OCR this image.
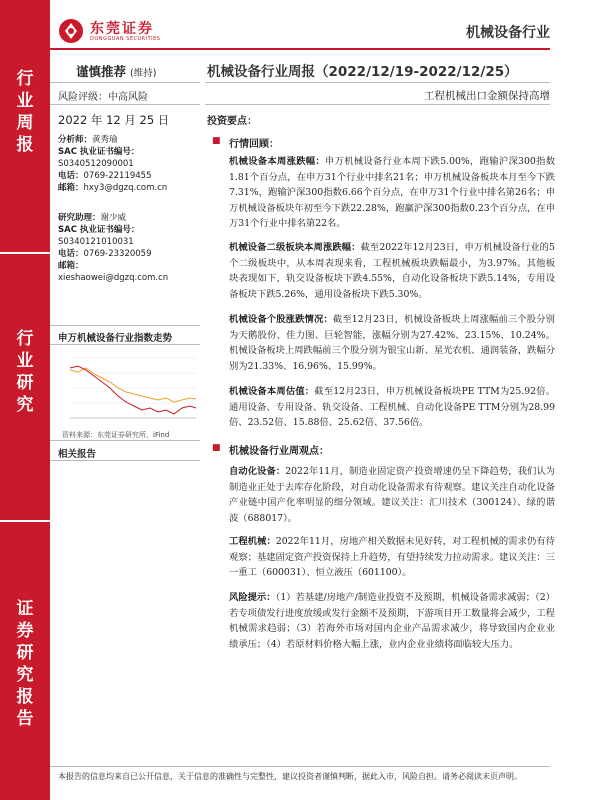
行业周报
行业研究
证券研究报告
东莞证券
DONGGUAN SECURITIES	机械设备行业
谨慎推荐 (维持)	机械设备行业周报（2022/12/19-2022/12/25）
风险评级：中高风险	工程机械出口金额保持高增
2022 年 12 月 25 日
分析师：黄秀瑜
SAC 执业证书编号：
S0340512090001
电话：0769-22119455
邮箱：hxy3@dgzq.com.cn
研究助理：谢少威
SAC 执业证书编号：
S0340121010031
电话：0769-23320059
邮箱：
xieshaowei@dgzq.com.cn
申万机械设备行业指数走势
资料来源：东莞证券研究所，iFind
相关报告
投资要点：
■ 行情回顾：
机械设备本周涨跌幅：申万机械设备行业本周下跌5.00%，跑输沪深300指数1.81个百分点，在申万31个行业中排名21名；申万机械设备板块本月至今下跌7.31%，跑输沪深300指数6.66个百分点，在申万31个行业中排名第26名；申万机械设备板块年初至今下跌22.28%，跑赢沪深300指数0.23个百分点，在申万31个行业中排名第22名。
机械设备二级板块本周涨跌幅：截至2022年12月23日，申万机械设备行业的5个二级板块中，从本周表现来看，工程机械板块跌幅最小，为3.97%。其他板块表现如下，轨交设备板块下跌4.55%，自动化设备板块下跌5.14%，专用设备板块下跌5.26%，通用设备板块下跌5.30%。
机械设备个股涨跌情况：截至12月23日，机械设备板块上周涨幅前三个股分别为天鹅股份、佳力图、巨轮智能，涨幅分别为27.42%、23.15%、10.24%。机械设备板块上周跌幅前三个股分别为银宝山新、星光农机、通润装备，跌幅分别为21.33%、16.96%、15.99%。
机械设备本周估值：截至12月23日，申万机械设备板块PE TTM为25.92倍。通用设备、专用设备、轨交设备、工程机械、自动化设备PE TTM分别为28.99倍、23.52倍、15.88倍、25.62倍、37.56倍。
■ 机械设备行业周观点：
自动化设备：2022年11月，制造业固定资产投资增速仍呈下降趋势，我们认为制造业正处于去库存化阶段，对自动化设备需求有待观察。建议关注自动化设备产业链中国产化率明显的细分领域。建议关注：汇川技术（300124）、绿的谐波（688017）。
工程机械：2022年11月，房地产相关数据未见好转，对工程机械的需求仍有待观察；基建固定资产投资保持上升趋势，有望持续发力拉动需求。建议关注：三一重工（600031）、恒立液压（601100）。
风险提示：（1）若基建/房地产/制造业投资不及预期，机械设备需求减弱；（2）若专项债发行进度放缓或发行金额不及预期，下游项目开工数量将会减少，工程机械需求趋弱；（3）若海外市场对国内企业产品需求减少，将导致国内企业业绩承压；（4）若原材料价格大幅上涨，业内企业业绩将面临较大压力。
本报告的信息均来自已公开信息，关于信息的准确性与完整性，建议投资者谨慎判断，据此入市，风险自担。请务必阅读末页声明。
